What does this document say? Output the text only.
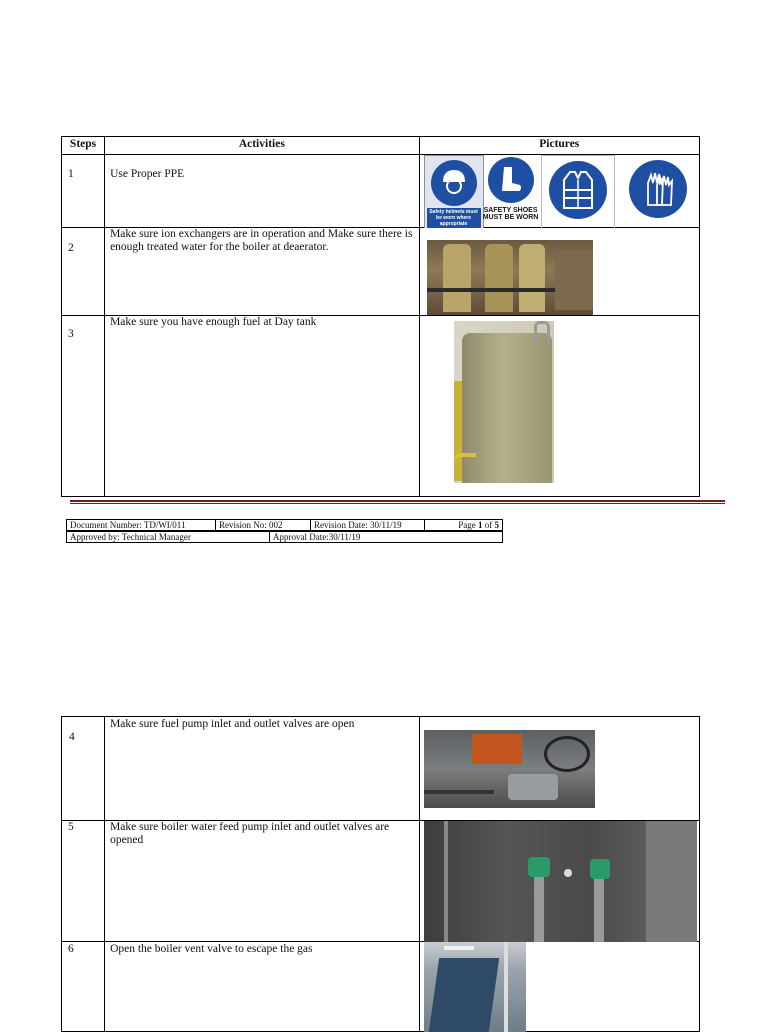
Steps	Activities	Pictures

1	Use Proper PPE	Safety helmets must be worn where appropriate
SAFETY SHOES MUST BE WORN

2	Make sure ion exchangers are in operation and Make sure there is enough treated water for the boiler at deaerator.	

3	Make sure you have enough fuel at Day tank	

Document Number: TD/WI/011	Revision No: 002	Revision Date: 30/11/19	Page 1 of 5
Approved by: Technical Manager	Approval Date:30/11/19
4	Make sure fuel pump inlet and outlet valves are open	

5	Make sure boiler water feed pump inlet and outlet valves are opened	

6	Open the boiler vent valve to escape the gas	
